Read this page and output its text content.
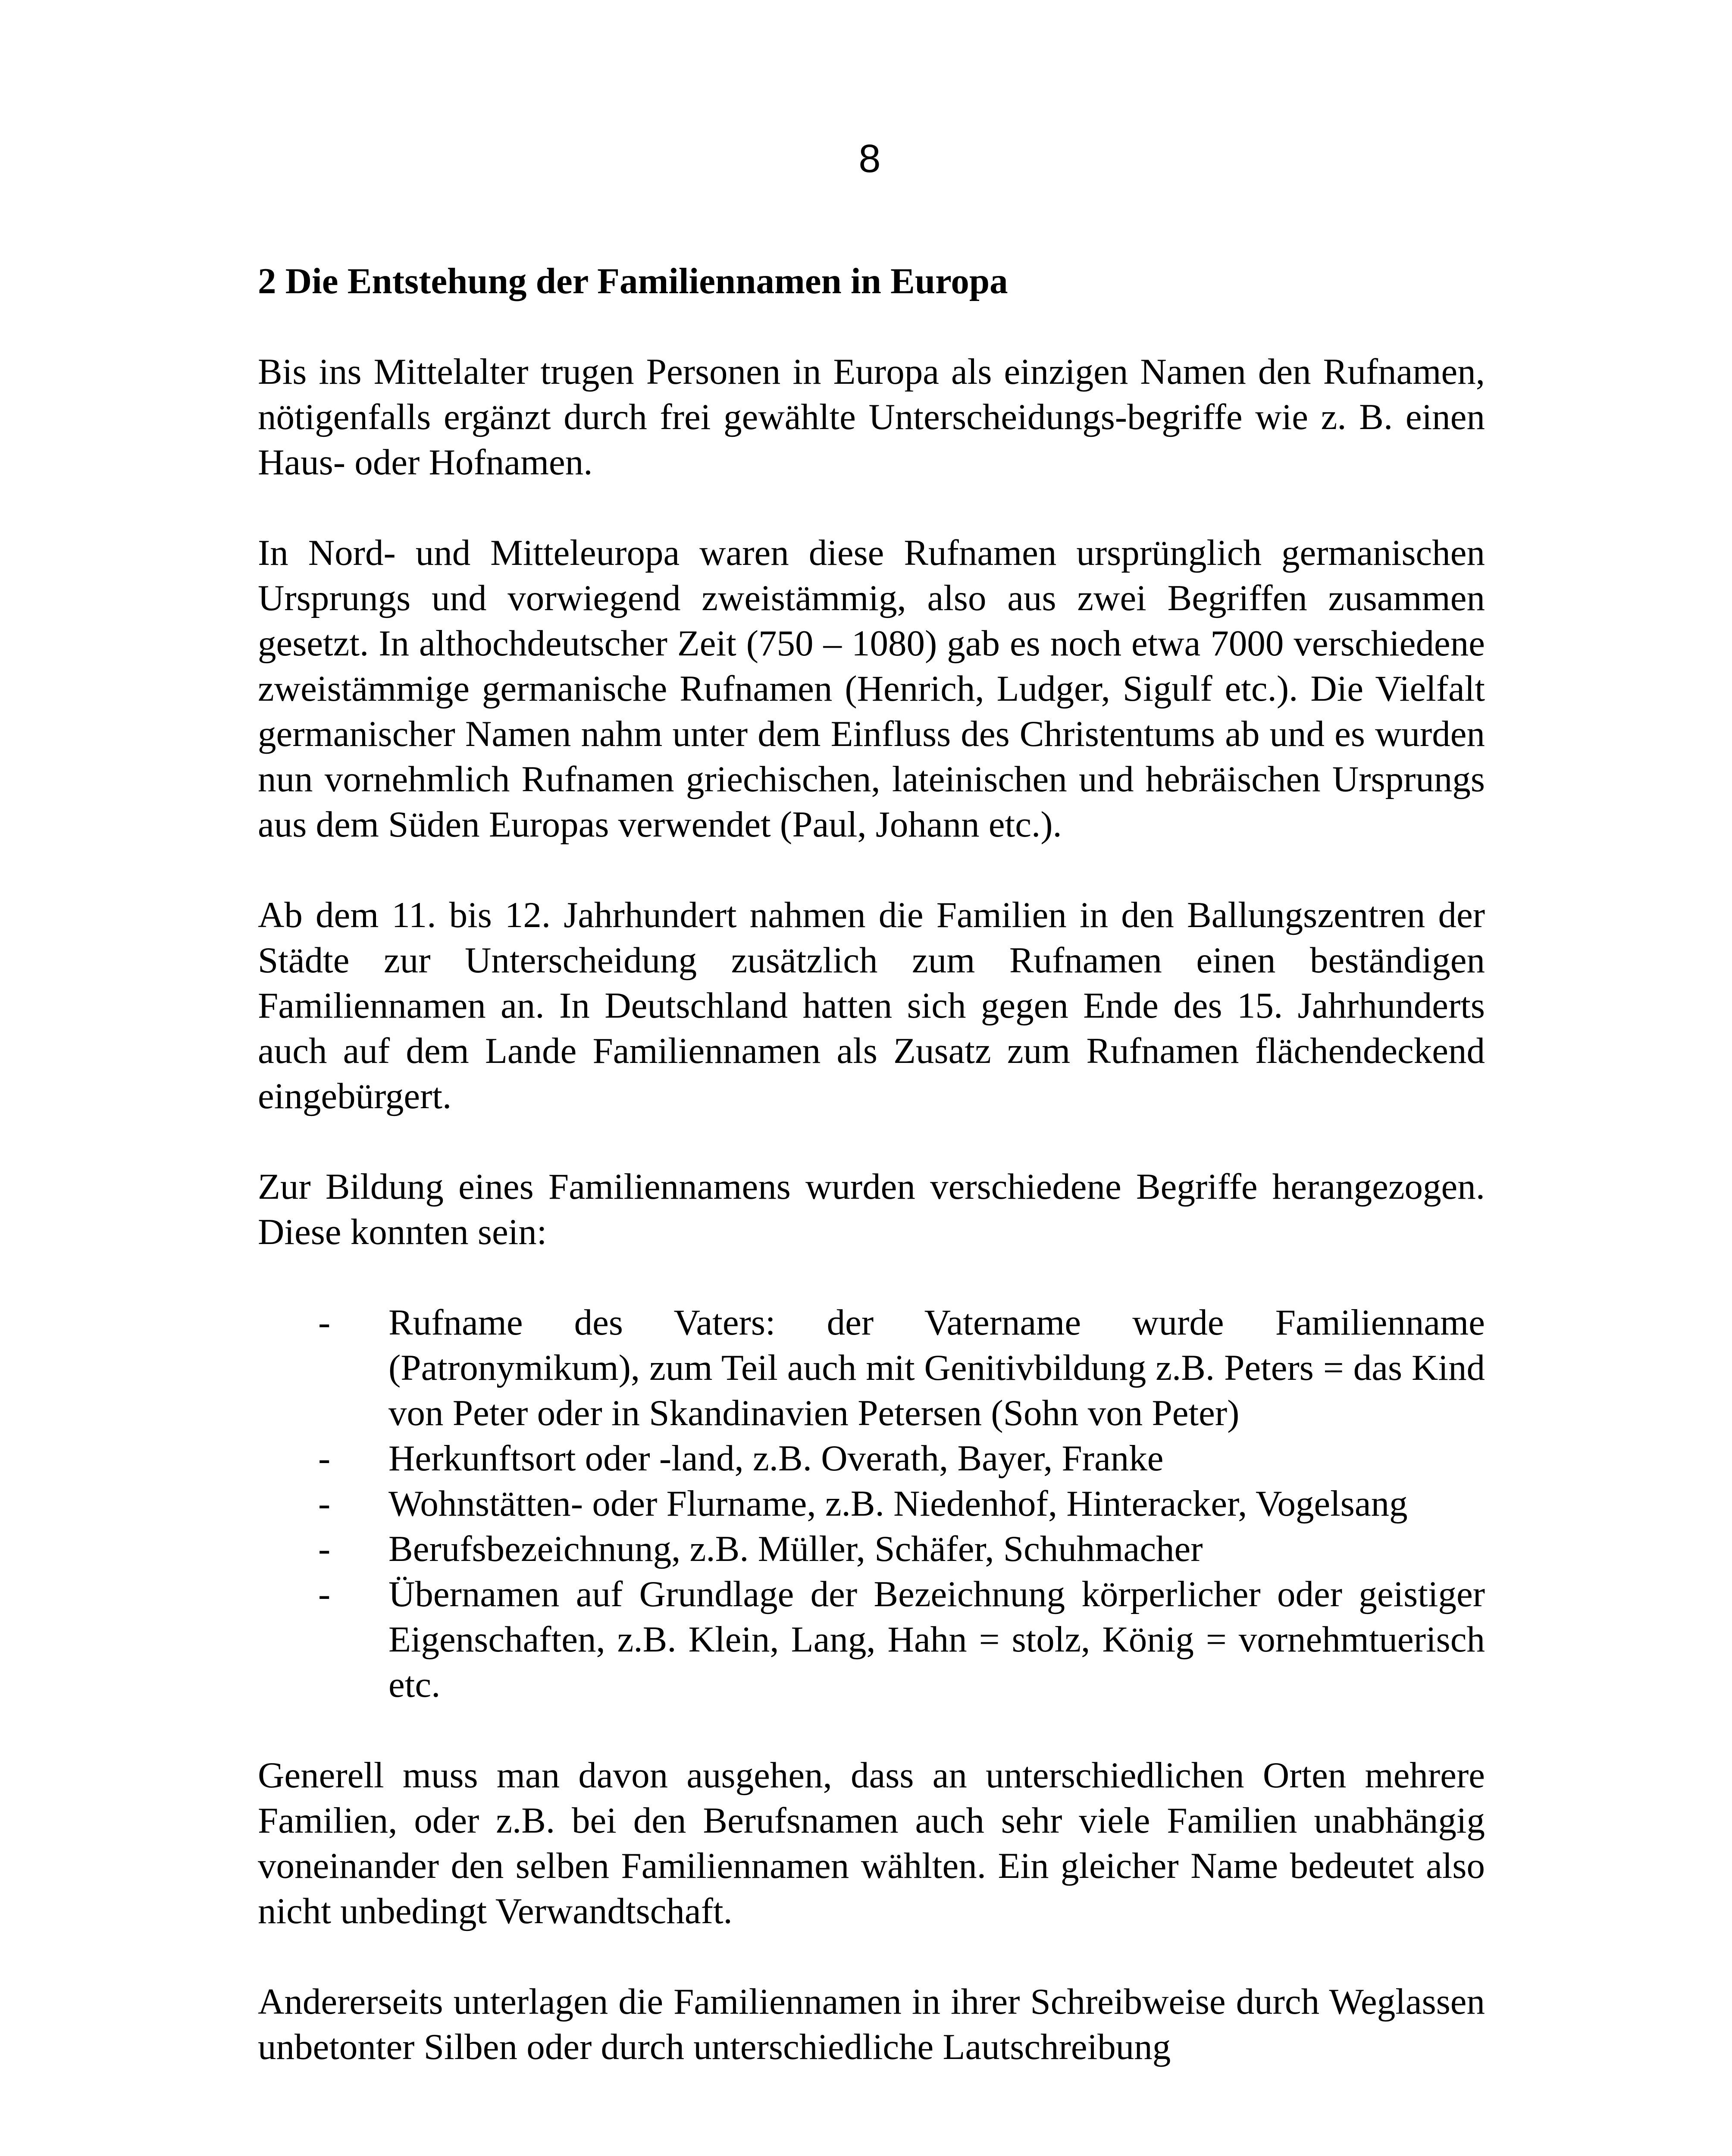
8
2 Die Entstehung der Familiennamen in Europa

Bis ins Mittelalter trugen Personen in Europa als einzigen Namen den Rufnamen, nötigenfalls ergänzt durch frei gewählte Unterscheidungs-begriffe wie z. B. einen Haus- oder Hofnamen.

In Nord- und Mitteleuropa waren diese Rufnamen ursprünglich germanischen Ursprungs und vorwiegend zweistämmig, also aus zwei Begriffen zusammen gesetzt. In althochdeutscher Zeit (750 – 1080) gab es noch etwa 7000 verschiedene zweistämmige germanische Rufnamen (Henrich, Ludger, Sigulf etc.). Die Vielfalt germanischer Namen nahm unter dem Einfluss des Christentums ab und es wurden nun vornehmlich Rufnamen griechischen, lateinischen und hebräischen Ursprungs aus dem Süden Europas verwendet (Paul, Johann etc.).

Ab dem 11. bis 12. Jahrhundert nahmen die Familien in den Ballungszentren der Städte zur Unterscheidung zusätzlich zum Rufnamen einen beständigen Familiennamen an. In Deutschland hatten sich gegen Ende des 15. Jahrhunderts auch auf dem Lande Familiennamen als Zusatz zum Rufnamen flächendeckend eingebürgert.

Zur Bildung eines Familiennamens wurden verschiedene Begriffe herangezogen. Diese konnten sein:

-	Rufname des Vaters: der Vatername wurde Familienname (Patronymikum), zum Teil auch mit Genitivbildung z.B. Peters = das Kind von Peter oder in Skandinavien Petersen (Sohn von Peter)
-	Herkunftsort oder -land, z.B. Overath, Bayer, Franke
-	Wohnstätten- oder Flurname, z.B. Niedenhof, Hinteracker, Vogelsang
-	Berufsbezeichnung, z.B. Müller, Schäfer, Schuhmacher
-	Übernamen auf Grundlage der Bezeichnung körperlicher oder geistiger Eigenschaften, z.B. Klein, Lang, Hahn = stolz, König = vornehmtuerisch etc.

Generell muss man davon ausgehen, dass an unterschiedlichen Orten mehrere Familien, oder z.B. bei den Berufsnamen auch sehr viele Familien unabhängig voneinander den selben Familiennamen wählten. Ein gleicher Name bedeutet also nicht unbedingt Verwandtschaft.

Andererseits unterlagen die Familiennamen in ihrer Schreibweise durch Weglassen unbetonter Silben oder durch unterschiedliche Lautschreibung
